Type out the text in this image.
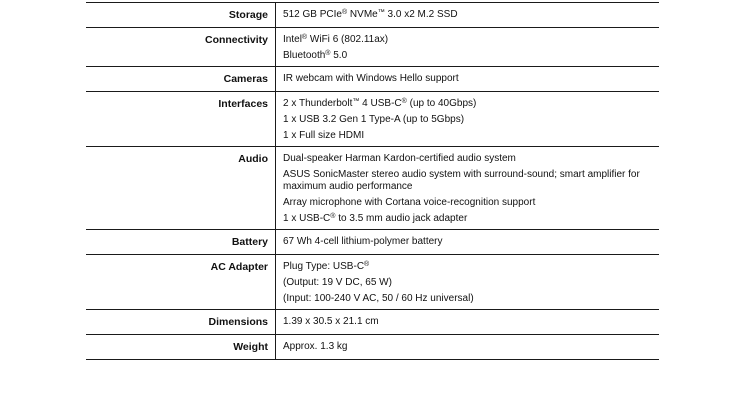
Storage	512 GB PCIe® NVMe™ 3.0 x2 M.2 SSD
Connectivity	Intel® WiFi 6 (802.11ax)
Bluetooth® 5.0
Cameras	IR webcam with Windows Hello support
Interfaces	2 x Thunderbolt™ 4 USB-C® (up to 40Gbps)
1 x USB 3.2 Gen 1 Type-A (up to 5Gbps)
1 x Full size HDMI
Audio	Dual-speaker Harman Kardon-certified audio system
ASUS SonicMaster stereo audio system with surround-sound; smart amplifier for maximum audio performance
Array microphone with Cortana voice-recognition support
1 x USB-C® to 3.5 mm audio jack adapter
Battery	67 Wh 4-cell lithium-polymer battery
AC Adapter	Plug Type: USB-C®
(Output: 19 V DC, 65 W)
(Input: 100-240 V AC, 50 / 60 Hz universal)
Dimensions	1.39 x 30.5 x 21.1 cm
Weight	Approx. 1.3 kg
